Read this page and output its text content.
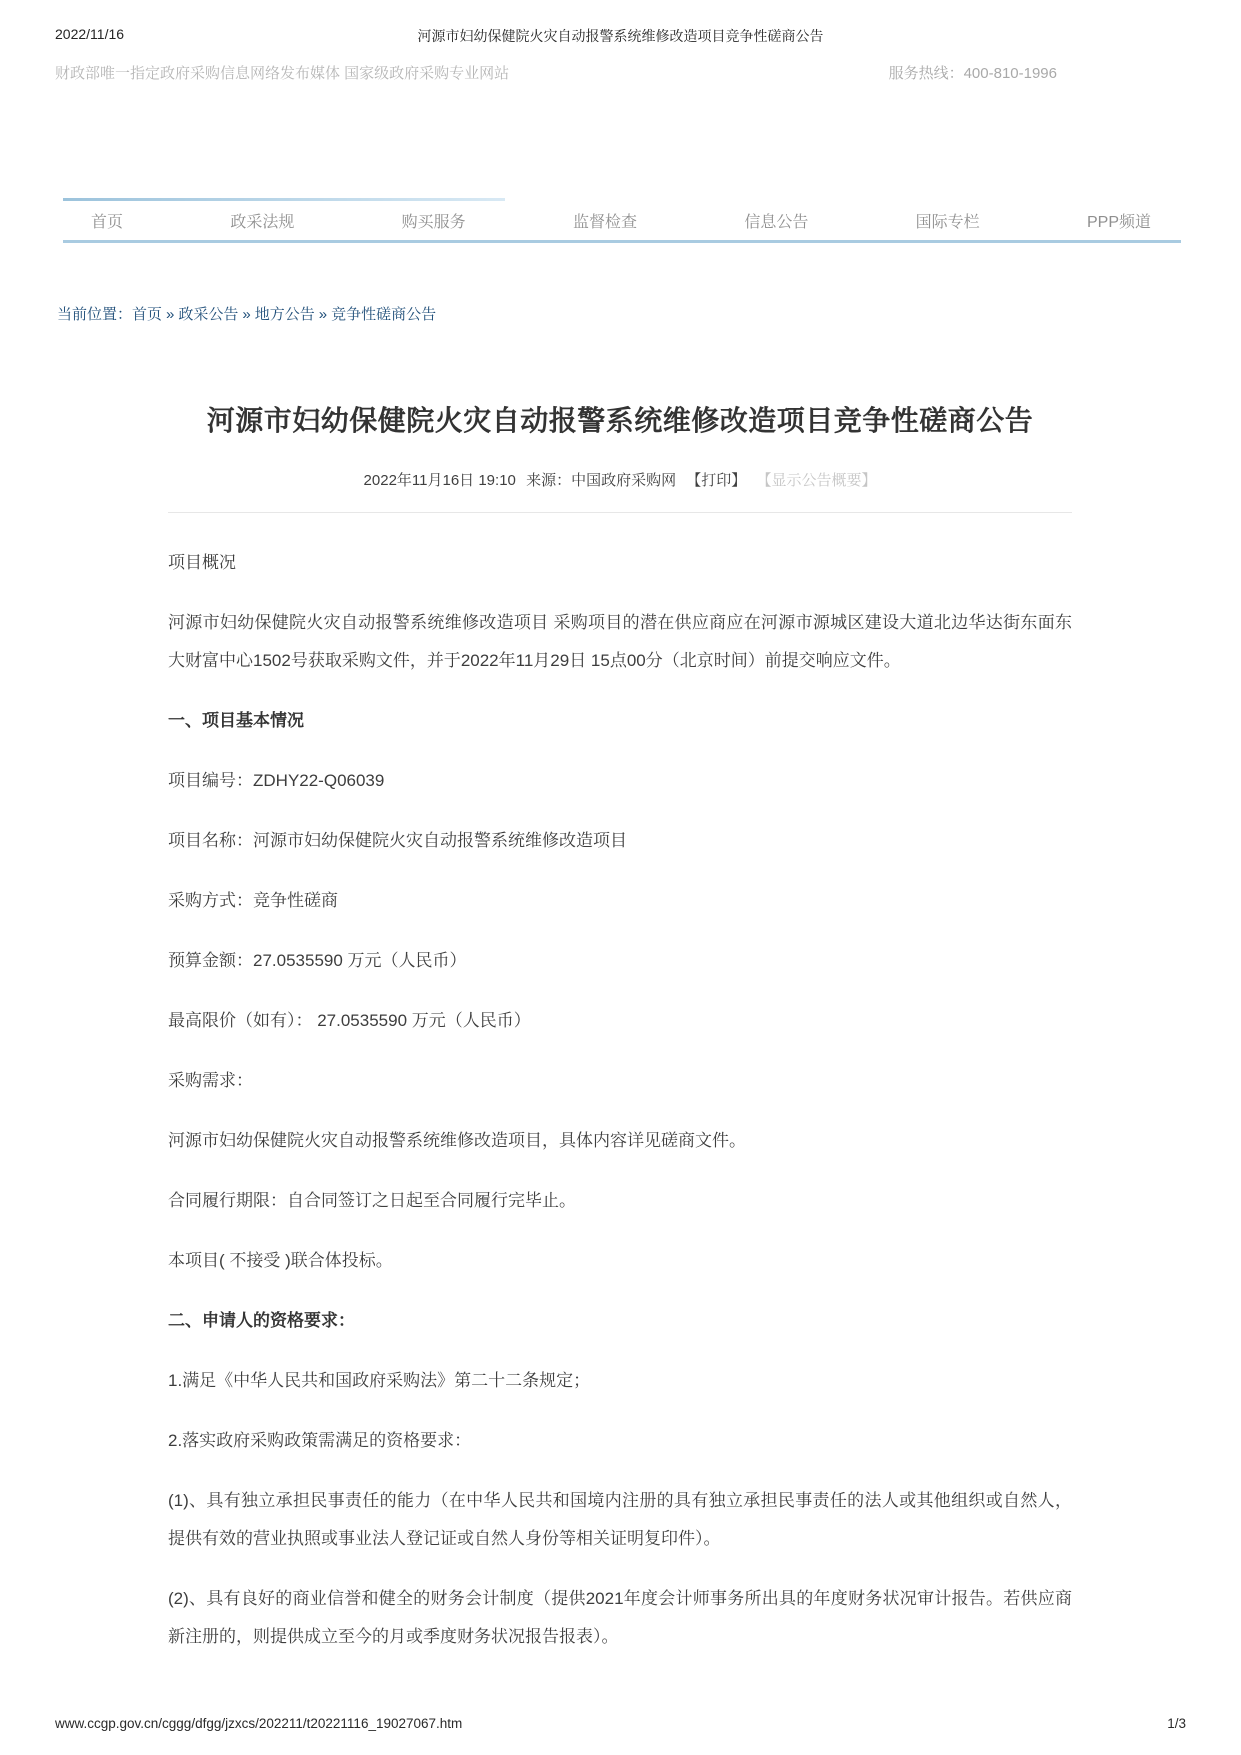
2022/11/16	河源市妇幼保健院火灾自动报警系统维修改造项目竞争性磋商公告
财政部唯一指定政府采购信息网络发布媒体 国家级政府采购专业网站	服务热线：400-810-1996
首页	政采法规	购买服务	监督检查	信息公告	国际专栏	PPP频道
当前位置：首页 » 政采公告 » 地方公告 » 竞争性磋商公告
河源市妇幼保健院火灾自动报警系统维修改造项目竞争性磋商公告
2022年11月16日 19:10 来源：中国政府采购网 【打印】 【显示公告概要】

项目概况

河源市妇幼保健院火灾自动报警系统维修改造项目 采购项目的潜在供应商应在河源市源城区建设大道北边华达街东面东大财富中心1502号获取采购文件，并于2022年11月29日 15点00分（北京时间）前提交响应文件。

一、项目基本情况

项目编号：ZDHY22-Q06039

项目名称：河源市妇幼保健院火灾自动报警系统维修改造项目

采购方式：竞争性磋商

预算金额：27.0535590 万元（人民币）

最高限价（如有）： 27.0535590 万元（人民币）

采购需求：

河源市妇幼保健院火灾自动报警系统维修改造项目，具体内容详见磋商文件。

合同履行期限：自合同签订之日起至合同履行完毕止。

本项目( 不接受 )联合体投标。

二、申请人的资格要求：

1.满足《中华人民共和国政府采购法》第二十二条规定；

2.落实政府采购政策需满足的资格要求：

(1)、具有独立承担民事责任的能力（在中华人民共和国境内注册的具有独立承担民事责任的法人或其他组织或自然人，提供有效的营业执照或事业法人登记证或自然人身份等相关证明复印件）。

(2)、具有良好的商业信誉和健全的财务会计制度（提供2021年度会计师事务所出具的年度财务状况审计报告。若供应商新注册的，则提供成立至今的月或季度财务状况报告报表）。

www.ccgp.gov.cn/cggg/dfgg/jzxcs/202211/t20221116_19027067.htm	1/3
